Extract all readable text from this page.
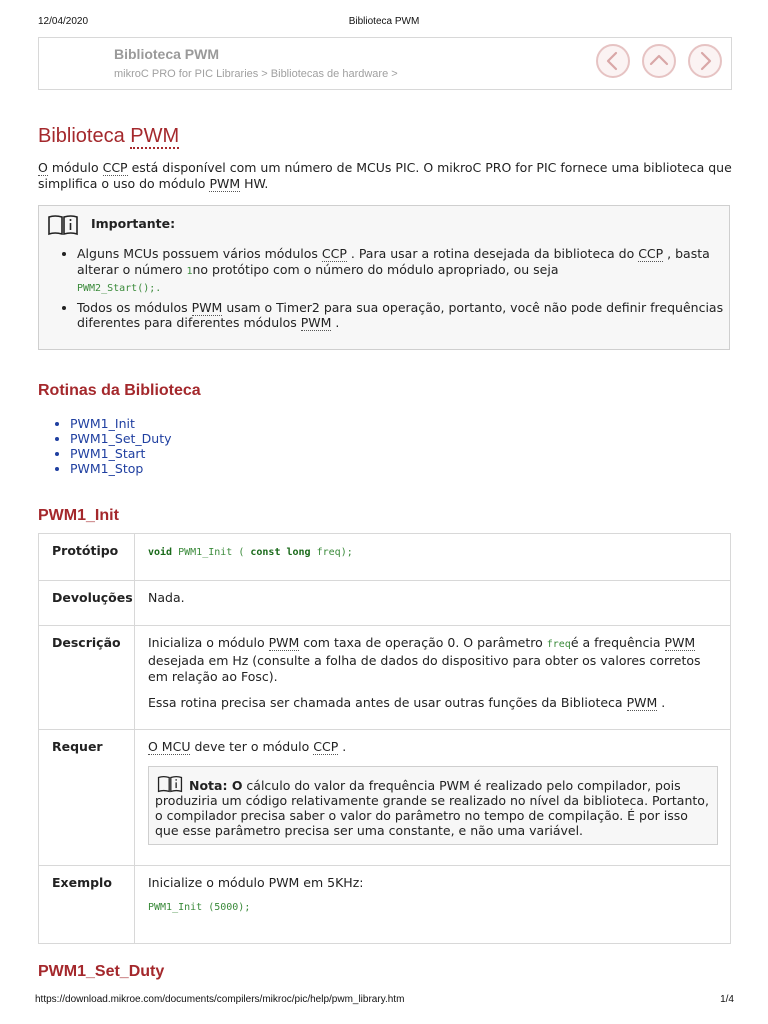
12/04/2020	Biblioteca PWM
Biblioteca PWM
mikroC PRO for PIC Libraries > Bibliotecas de hardware >
Biblioteca PWM

O módulo CCP está disponível com um número de MCUs PIC. O mikroC PRO for PIC fornece uma biblioteca que simplifica o uso do módulo PWM HW.

Importante:
• Alguns MCUs possuem vários módulos CCP . Para usar a rotina desejada da biblioteca do CCP , basta alterar o número 1no protótipo com o número do módulo apropriado, ou seja
PWM2_Start();.
• Todos os módulos PWM usam o Timer2 para sua operação, portanto, você não pode definir frequências diferentes para diferentes módulos PWM .
Rotinas da Biblioteca
• PWM1_Init
• PWM1_Set_Duty
• PWM1_Start
• PWM1_Stop
PWM1_Init
Protótipo	void PWM1_Init ( const long freq);
Devoluções	Nada.
Descrição	Inicializa o módulo PWM com taxa de operação 0. O parâmetro freqé a frequência PWM desejada em Hz (consulte a folha de dados do dispositivo para obter os valores corretos em relação ao Fosc).
Essa rotina precisa ser chamada antes de usar outras funções da Biblioteca PWM .

Requer	O MCU deve ter o módulo CCP .
Nota: O cálculo do valor da frequência PWM é realizado pelo compilador, pois produziria um código relativamente grande se realizado no nível da biblioteca. Portanto, o compilador precisa saber o valor do parâmetro no tempo de compilação. É por isso que esse parâmetro precisa ser uma constante, e não uma variável.

Exemplo	Inicialize o módulo PWM em 5KHz:
PWM1_Init (5000);
PWM1_Set_Duty
https://download.mikroe.com/documents/compilers/mikroc/pic/help/pwm_library.htm	1/4
